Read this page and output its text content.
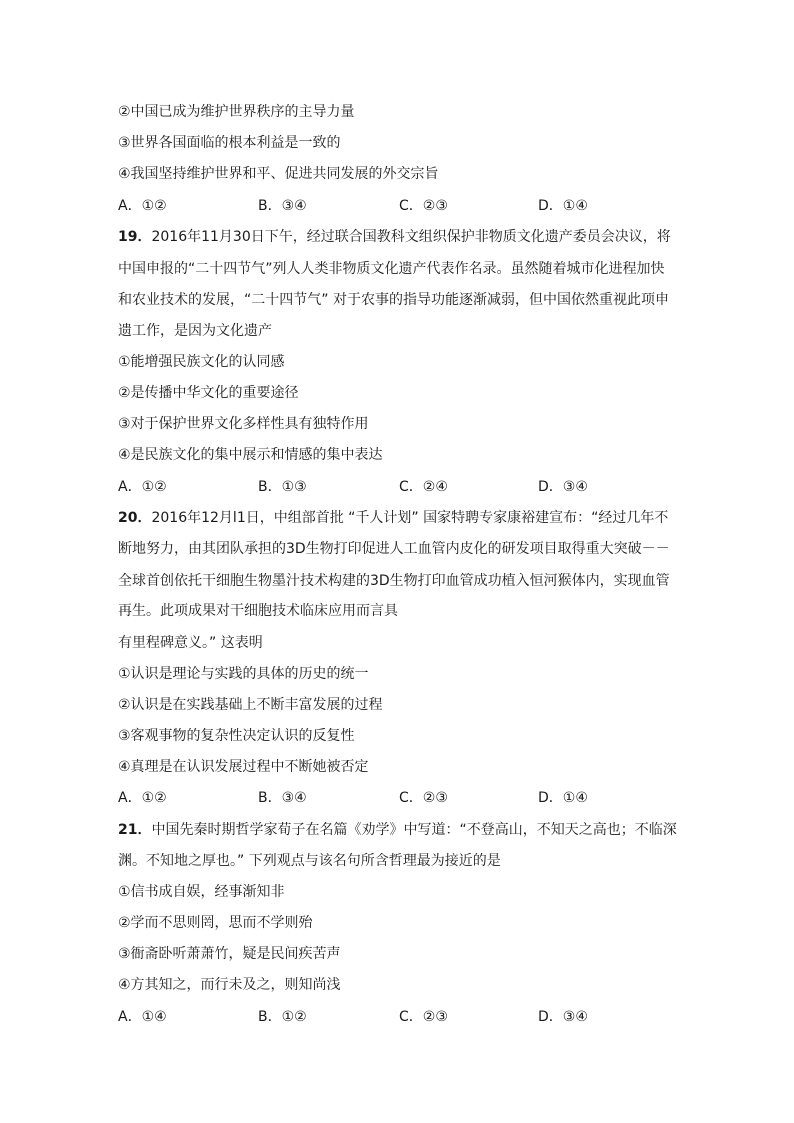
②中国已成为维护世界秩序的主导力量
③世界各国面临的根本利益是一致的
④我国坚持维护世界和平、促进共同发展的外交宗旨
A．①②	B．③④	C．②③	D．①④
19．2016年11月30日下午，经过联合国教科文组织保护非物质文化遗产委员会决议，将
中国申报的“二十四节气”列人人类非物质文化遗产代表作名录。虽然随着城市化进程加快
和农业技术的发展，“二十四节气” 对于农事的指导功能逐渐减弱，但中国依然重视此项申
遗工作，是因为文化遗产
①能增强民族文化的认同感
②是传播中华文化的重要途径
③对于保护世界文化多样性具有独特作用
④是民族文化的集中展示和情感的集中表达
A．①②	B．①③	C．②④	D．③④
20．2016年12月l1日，中组部首批 “千人计划” 国家特聘专家康裕建宣布：“经过几年不
断地努力，由其团队承担的3D生物打印促进人工血管内皮化的研发项目取得重大突破－－
全球首创依托干细胞生物墨汁技术构建的3D生物打印血管成功植入恒河猴体内，实现血管
再生。此项成果对干细胞技术临床应用而言具
有里程碑意义。” 这表明
①认识是理论与实践的具体的历史的统一
②认识是在实践基础上不断丰富发展的过程
③客观事物的复杂性决定认识的反复性
④真理是在认识发展过程中不断她被否定
A．①②	B．③④	C．②③	D．①④
21．中国先秦时期哲学家荀子在名篇《劝学》中写道：“不登高山，不知天之高也；不临深
渊。不知地之厚也。” 下列观点与该名句所含哲理最为接近的是
①信书成自娱，经事渐知非
②学而不思则罔，思而不学则殆
③衙斋卧听萧萧竹，疑是民间疾苦声
④方其知之，而行未及之，则知尚浅
A．①④	B．①②	C．②③	D．③④
